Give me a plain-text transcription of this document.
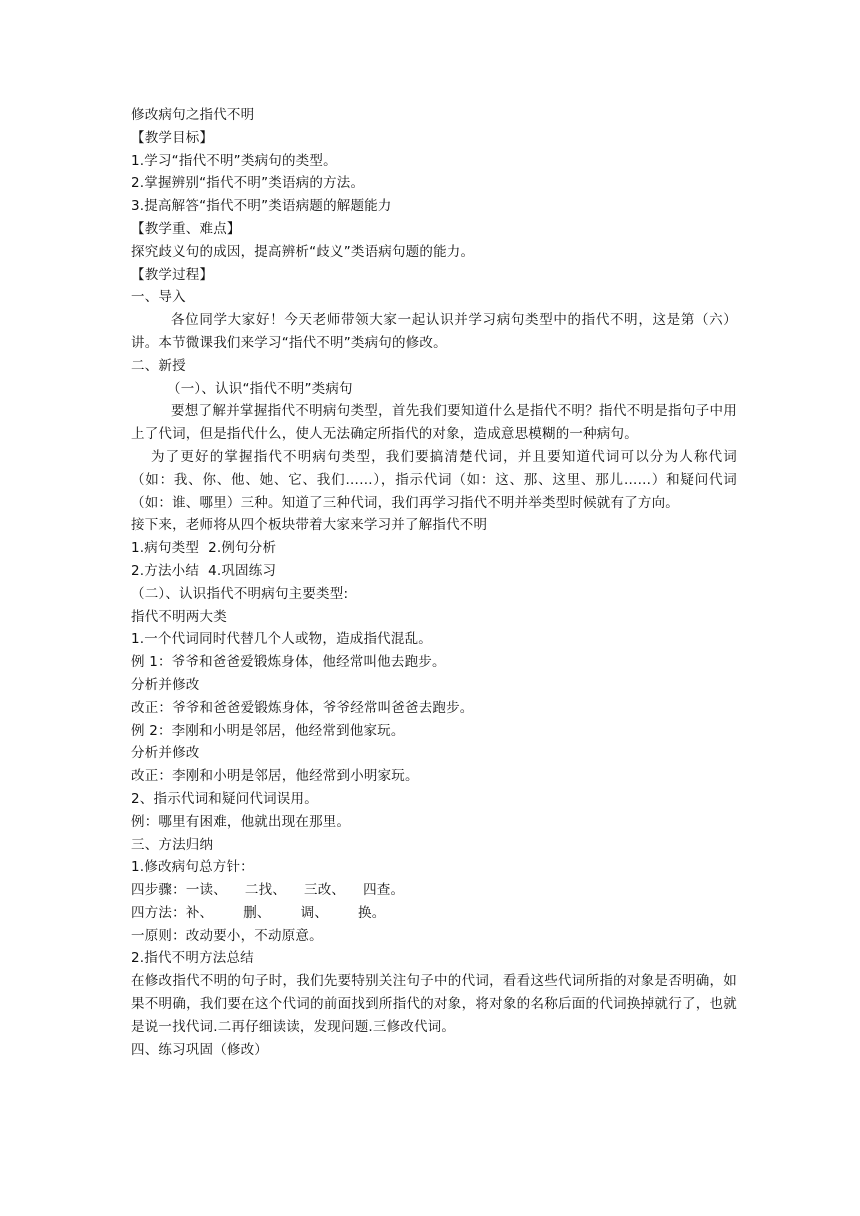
修改病句之指代不明
【教学目标】
1.学习“指代不明”类病句的类型。
2.掌握辨别“指代不明”类语病的方法。
3.提高解答“指代不明”类语病题的解题能力
【教学重、难点】
探究歧义句的成因，提高辨析“歧义”类语病句题的能力。
【教学过程】
一、导入
各位同学大家好！今天老师带领大家一起认识并学习病句类型中的指代不明，这是第（六）讲。本节微课我们来学习“指代不明”类病句的修改。
二、新授
（一）、认识“指代不明”类病句
要想了解并掌握指代不明病句类型，首先我们要知道什么是指代不明？指代不明是指句子中用上了代词，但是指代什么，使人无法确定所指代的对象，造成意思模糊的一种病句。
为了更好的掌握指代不明病句类型，我们要搞清楚代词，并且要知道代词可以分为人称代词（如：我、你、他、她、它、我们……），指示代词（如：这、那、这里、那儿……）和疑问代词（如：谁、哪里）三种。知道了三种代词，我们再学习指代不明并举类型时候就有了方向。
接下来，老师将从四个板块带着大家来学习并了解指代不明
1.病句类型  2.例句分析
2.方法小结  4.巩固练习
（二）、认识指代不明病句主要类型:
指代不明两大类
1.一个代词同时代替几个人或物，造成指代混乱。
例 1：爷爷和爸爸爱锻炼身体，他经常叫他去跑步。
分析并修改
改正：爷爷和爸爸爱锻炼身体，爷爷经常叫爸爸去跑步。
例 2：李刚和小明是邻居，他经常到他家玩。
分析并修改
改正：李刚和小明是邻居，他经常到小明家玩。
2、指示代词和疑问代词误用。
例：哪里有困难，他就出现在那里。
三、方法归纳
1.修改病句总方针：
四步骤：一读、 二找、 三改、 四查。
四方法：补、 删、 调、 换。
一原则：改动要小，不动原意。
2.指代不明方法总结
在修改指代不明的句子时，我们先要特别关注句子中的代词，看看这些代词所指的对象是否明确，如果不明确，我们要在这个代词的前面找到所指代的对象，将对象的名称后面的代词换掉就行了，也就是说一找代词.二再仔细读读，发现问题.三修改代词。
四、练习巩固（修改）
